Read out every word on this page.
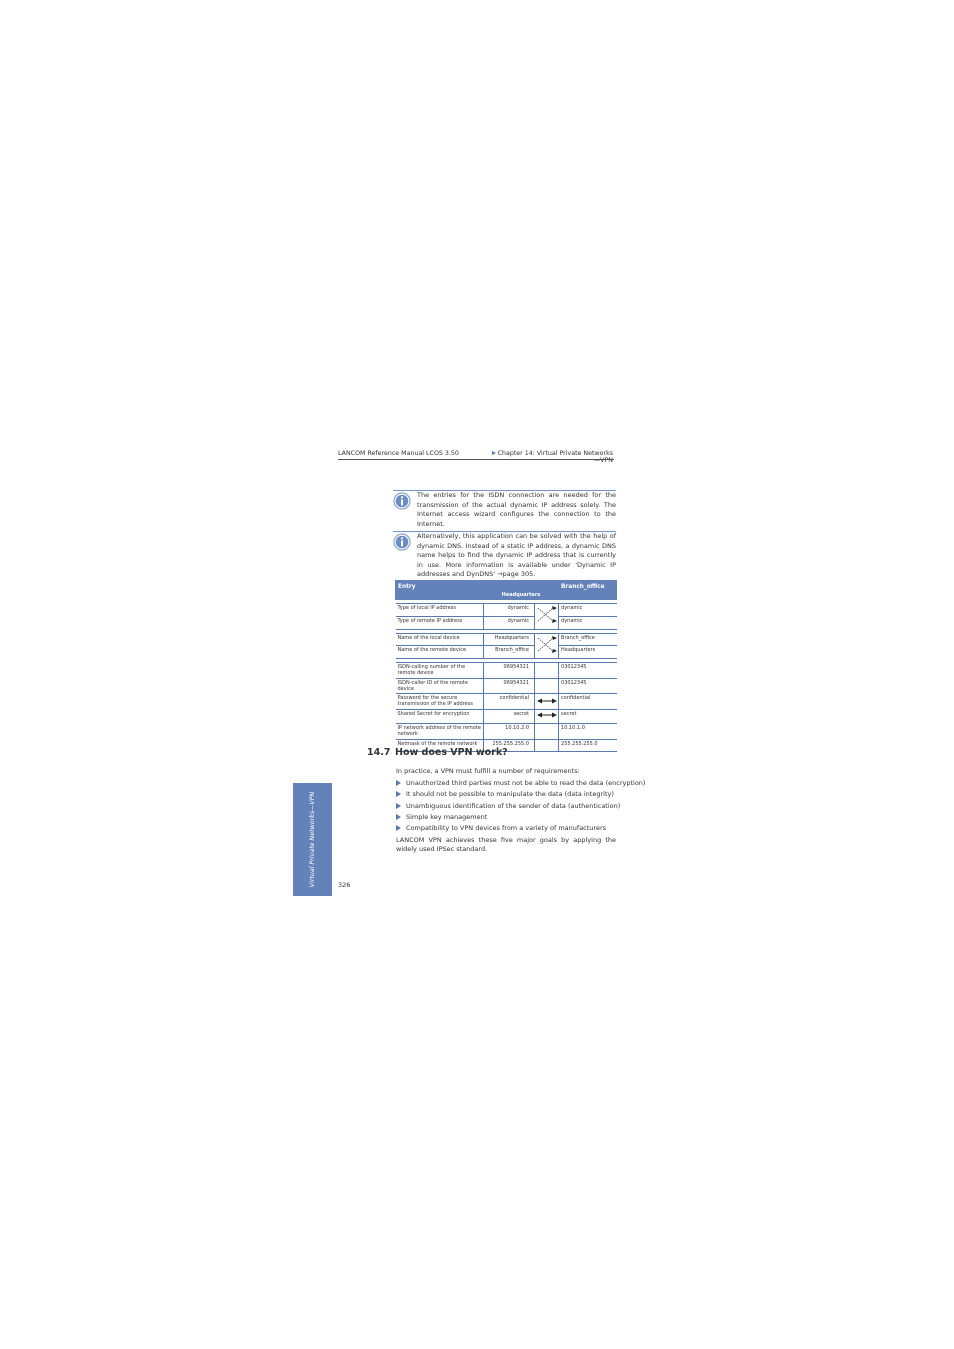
LANCOM Reference Manual LCOS 3.50	Chapter 14: Virtual Private Networks—VPN
The entries for the ISDN connection are needed for the transmission of the actual dynamic IP address solely. The Internet access wizard configures the connection to the Internet.
Alternatively, this application can be solved with the help of dynamic DNS. Instead of a static IP address, a dynamic DNS name helps to find the dynamic IP address that is currently in use. More information is available under 'Dynamic IP addresses and DynDNS' →page 305.
Entry	Headquarters		Branch_office

Type of local IP address	dynamic		dynamic
Type of remote IP address	dynamic		dynamic

Name of the local device	Headquarters		Branch_office
Name of the remote device	Branch_office		Headquarters

ISDN-calling number of the remote device	06954321		03012345
ISDN-caller ID of the remote device	06954321		03012345
Password for the secure transmission of the IP address	confidential		confidential
Shared Secret for encryption	secret		secret
IP network address of the remote network	10.10.2.0		10.10.1.0
Netmask of the remote network	255.255.255.0		255.255.255.0
14.7 How does VPN work?
In practice, a VPN must fulfill a number of requirements:
Unauthorized third parties must not be able to read the data (encryption)
It should not be possible to manipulate the data (data integrity)
Unambiguous identification of the sender of data (authentication)
Simple key management
Compatibility to VPN devices from a variety of manufacturers
LANCOM VPN achieves these five major goals by applying the widely used IPSec standard.
Virtual Private Networks—VPN	326
